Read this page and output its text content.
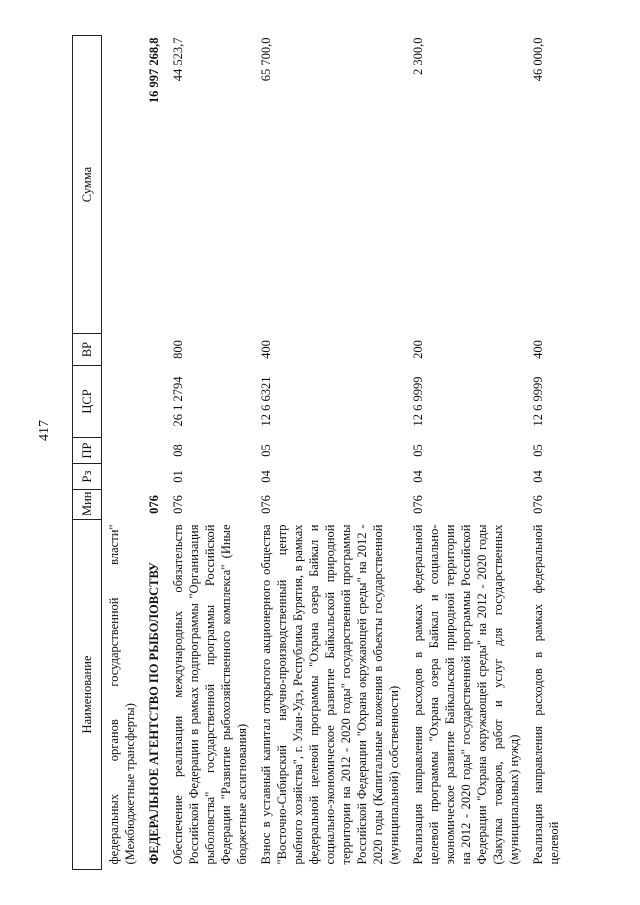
417
Наименование	Мин	Рз	ПР	ЦСР	ВР	Сумма
федеральных органов государственной власти" (Межбюджетные трансферты)						
ФЕДЕРАЛЬНОЕ АГЕНТСТВО ПО РЫБОЛОВСТВУ	076					16 997 268,8
Обеспечение реализации международных обязательств Российской Федерации в рамках подпрограммы "Организация рыболовства" государственной программы Российской Федерации "Развитие рыбохозяйственного комплекса" (Иные бюджетные ассигнования)	076	01	08	26 1 2794	800	44 523,7
Взнос в уставный капитал открытого акционерного общества "Восточно-Сибирский научно-производственный центр рыбного хозяйства", г. Улан-Удэ, Республика Бурятия, в рамках федеральной целевой программы "Охрана озера Байкал и социально-экономическое развитие Байкальской природной территории на 2012 - 2020 годы" государственной программы Российской Федерации "Охрана окружающей среды" на 2012 - 2020 годы (Капитальные вложения в объекты государственной (муниципальной) собственности)	076	04	05	12 6 6321	400	65 700,0
Реализация направления расходов в рамках федеральной целевой программы "Охрана озера Байкал и социально-экономическое развитие Байкальской природной территории на 2012 - 2020 годы" государственной программы Российской Федерации "Охрана окружающей среды" на 2012 - 2020 годы (Закупка товаров, работ и услуг для государственных (муниципальных) нужд)	076	04	05	12 6 9999	200	2 300,0
Реализация направления расходов в рамках федеральной целевой	076	04	05	12 6 9999	400	46 000,0
